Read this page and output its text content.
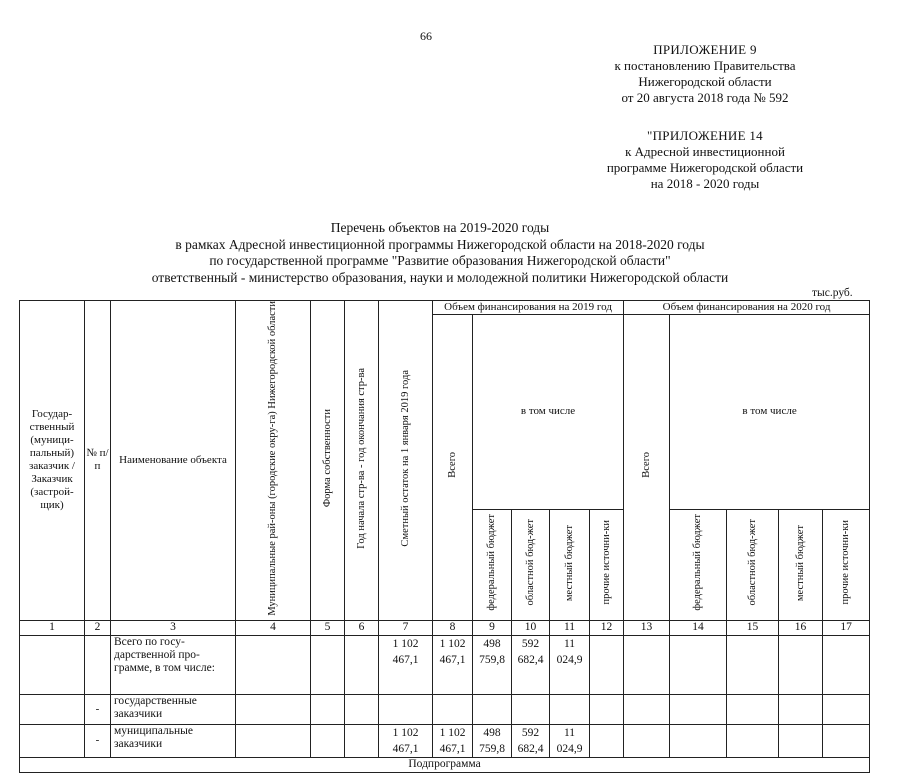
66
ПРИЛОЖЕНИЕ 9
к постановлению Правительства
Нижегородской области
от 20 августа 2018 года № 592
"ПРИЛОЖЕНИЕ 14
к Адресной инвестиционной
программе Нижегородской области
на 2018 - 2020 годы
Перечень объектов на 2019-2020 годы
в рамках Адресной инвестиционной программы Нижегородской области на 2018-2020 годы
по государственной программе "Развитие образования Нижегородской области"
ответственный - министерство образования, науки и молодежной политики Нижегородской области
тыс.руб.
Государ-ственный (муници-пальный) заказчик / Заказчик (застрой-щик)	№ п/п	Наименование объекта	Муниципальные рай-оны (городские окру-га) Нижегородской области	Форма собственности	Год начала стр-ва - год окончания стр-ва	Сметный остаток на 1 января 2019 года	Объем финансирования на 2019 год					Объем финансирования на 2020 год				
							Всего	в том числе				Всего	в том числе			
								федеральный бюджет	областной бюд-жет	местный бюджет	прочие источни-ки		федеральный бюджет	областной бюд-жет	местный бюджет	прочие источни-ки
1	2	3	4	5	6	7	8	9	10	11	12	13	14	15	16	17
		Всего по госу-дарственной про-грамме, в том числе:				1 102 467,1	1 102 467,1	498 759,8	592 682,4	11 024,9						
	-	государственные заказчики														
	-	муниципальные заказчики				1 102 467,1	1 102 467,1	498 759,8	592 682,4	11 024,9						
Подпрограмма																
